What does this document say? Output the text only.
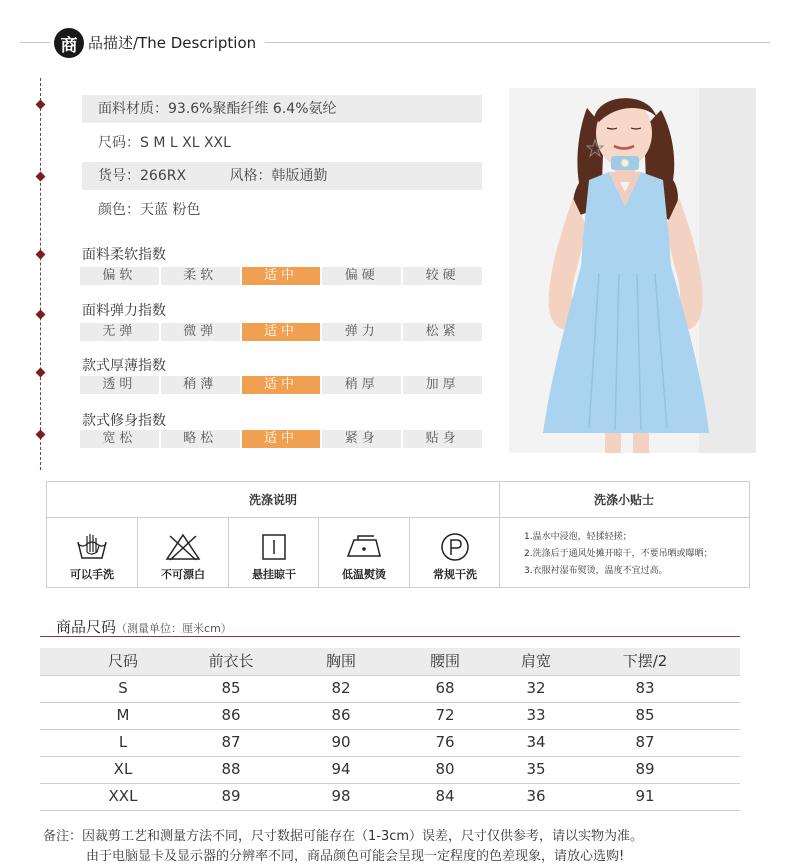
商 品描述/The Description
面料材质：93.6%聚酯纤维 6.4%氨纶
尺码：S M L XL XXL
货号：266RX	风格：韩版通勤
颜色：天蓝 粉色
面料柔软指数
偏软	柔软	适中	偏硬	较硬
面料弹力指数
无弹	微弹	适中	弹力	松紧
款式厚薄指数
透明	稍薄	适中	稍厚	加厚
款式修身指数
宽松	略松	适中	紧身	贴身
洗涤说明	洗涤小贴士
可以手洗	不可漂白	悬挂晾干	低温熨烫	常规干洗
1.温水中浸泡，轻揉轻搓；
2.洗涤后于通风处摊开晾干，不要吊晒或曝晒；
3.衣服衬湿布熨烫，温度不宜过高。
商品尺码（测量单位：厘米cm）
尺码	前衣长	胸围	腰围	肩宽	下摆/2
S	85	82	68	32	83
M	86	86	72	33	85
L	87	90	76	34	87
XL	88	94	80	35	89
XXL	89	98	84	36	91
备注：因裁剪工艺和测量方法不同，尺寸数据可能存在（1-3cm）误差，尺寸仅供参考，请以实物为准。
由于电脑显卡及显示器的分辨率不同，商品颜色可能会呈现一定程度的色差现象，请放心选购!
